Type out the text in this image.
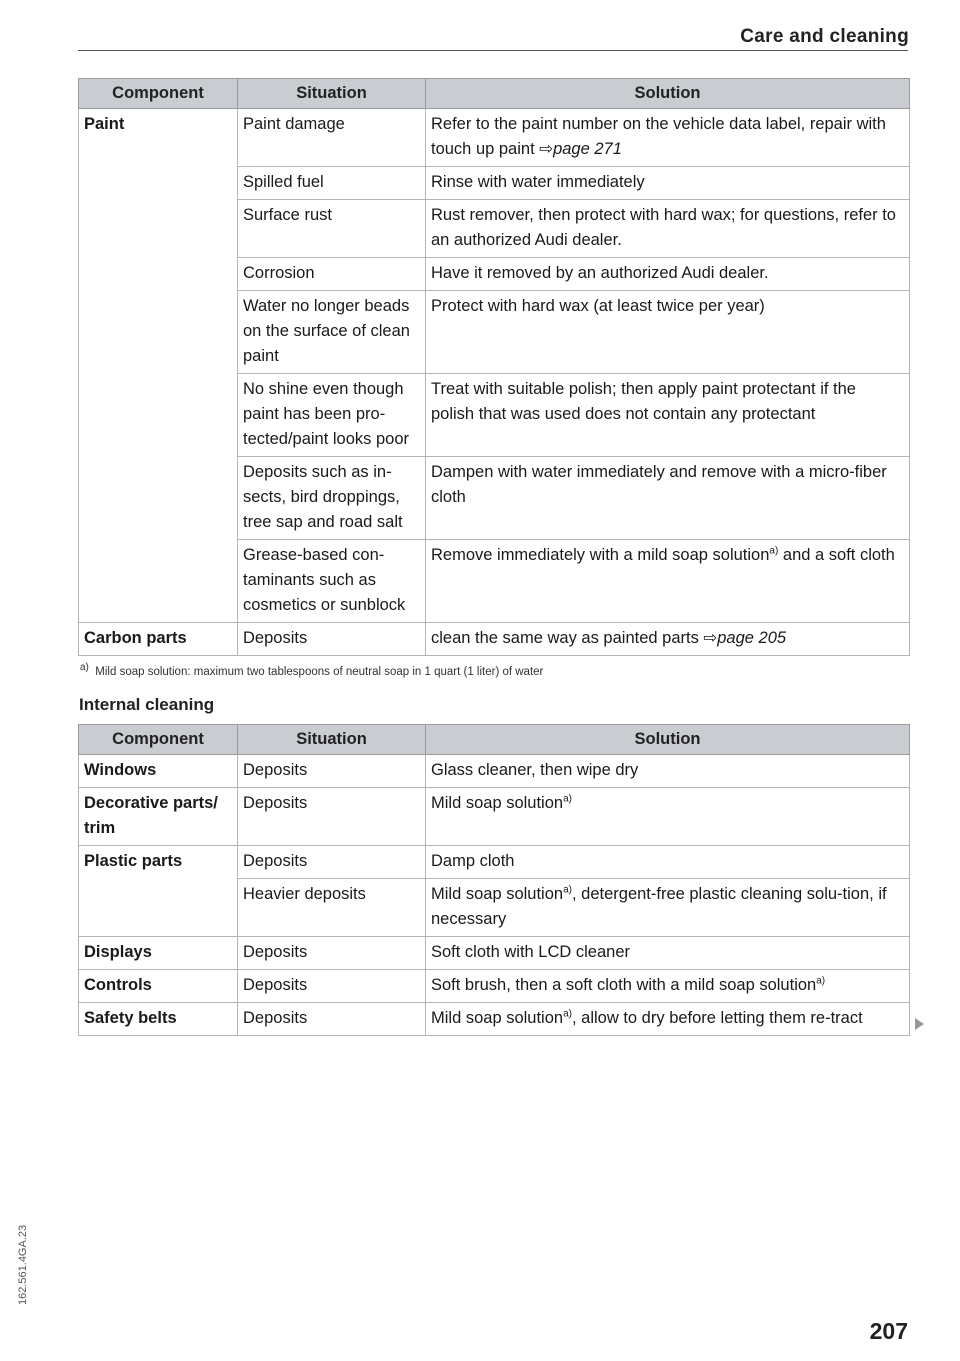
Care and cleaning
Component	Situation	Solution
Paint	Paint damage	Refer to the paint number on the vehicle data label, repair with touch up paint ⇨page 271
	Spilled fuel	Rinse with water immediately
	Surface rust	Rust remover, then protect with hard wax; for questions, refer to an authorized Audi dealer.
	Corrosion	Have it removed by an authorized Audi dealer.
	Water no longer beads on the surface of clean paint	Protect with hard wax (at least twice per year)
	No shine even though paint has been pro-tected/paint looks poor	Treat with suitable polish; then apply paint protectant if the polish that was used does not contain any protectant
	Deposits such as in-sects, bird droppings, tree sap and road salt	Dampen with water immediately and remove with a micro-fiber cloth
	Grease-based con-taminants such as cosmetics or sunblock	Remove immediately with a mild soap solution$^{a)}$ and a soft cloth
Carbon parts	Deposits	clean the same way as painted parts ⇨page 205
$^{a)}$ Mild soap solution: maximum two tablespoons of neutral soap in 1 quart (1 liter) of water
Internal cleaning
Component	Situation	Solution
Windows	Deposits	Glass cleaner, then wipe dry
Decorative parts/ trim	Deposits	Mild soap solution$^{a)}$
Plastic parts	Deposits	Damp cloth
	Heavier deposits	Mild soap solution$^{a)}$, detergent-free plastic cleaning solu-tion, if necessary
Displays	Deposits	Soft cloth with LCD cleaner
Controls	Deposits	Soft brush, then a soft cloth with a mild soap solution$^{a)}$
Safety belts	Deposits	Mild soap solution$^{a)}$, allow to dry before letting them re-tract
162.561.4GA.23
207
